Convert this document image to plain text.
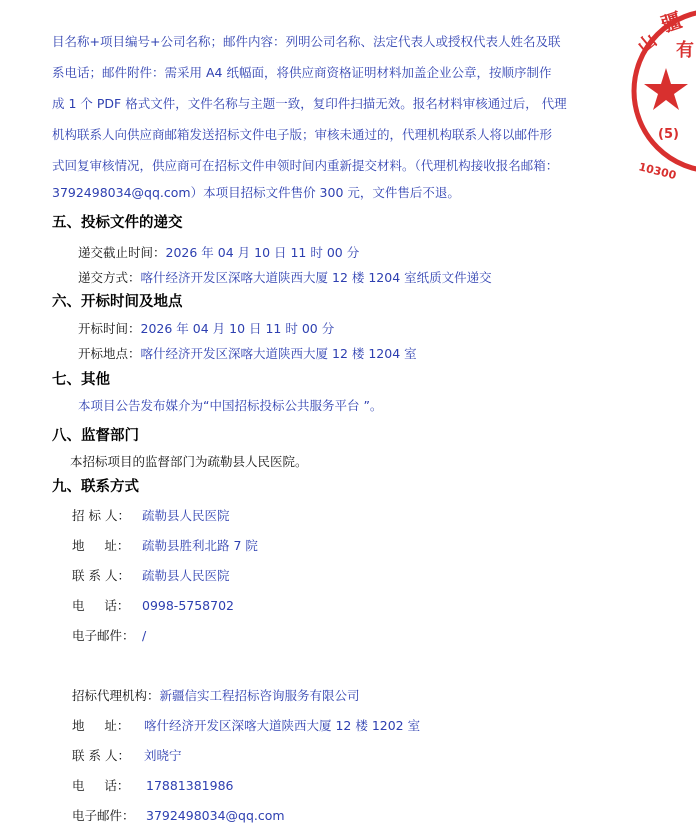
目名称+项目编号+公司名称；邮件内容：列明公司名称、法定代表人或授权代表人姓名及联
系电话；邮件附件：需采用 A4 纸幅面，将供应商资格证明材料加盖企业公章，按顺序制作
成 1 个 PDF 格式文件，文件名称与主题一致，复印件扫描无效。报名材料审核通过后， 代理
机构联系人向供应商邮箱发送招标文件电子版；审核未通过的，代理机构联系人将以邮件形
式回复审核情况，供应商可在招标文件申领时间内重新提交材料。（代理机构接收报名邮箱：
3792498034@qq.com）本项目招标文件售价 300 元，文件售后不退。
五、投标文件的递交
递交截止时间：2026 年 04 月 10 日 11 时 00 分
递交方式：喀什经济开发区深喀大道陕西大厦 12 楼 1204 室纸质文件递交
六、开标时间及地点
开标时间：2026 年 04 月 10 日 11 时 00 分
开标地点：喀什经济开发区深喀大道陕西大厦 12 楼 1204 室
七、其他
本项目公告发布媒介为“中国招标投标公共服务平台 ”。
八、监督部门
本招标项目的监督部门为疏勒县人民医院。
九、联系方式
招 标 人： 疏勒县人民医院
地     址： 疏勒县胜利北路 7 院
联 系 人： 疏勒县人民医院
电     话： 0998-5758702
电子邮件： /
招标代理机构：新疆信实工程招标咨询服务有限公司
地     址： 喀什经济开发区深喀大道陕西大厦 12 楼 1202 室
联 系 人： 刘晓宁
电     话： 17881381986
电子邮件： 3792498034@qq.com
疆
山 有
(5)
10300
